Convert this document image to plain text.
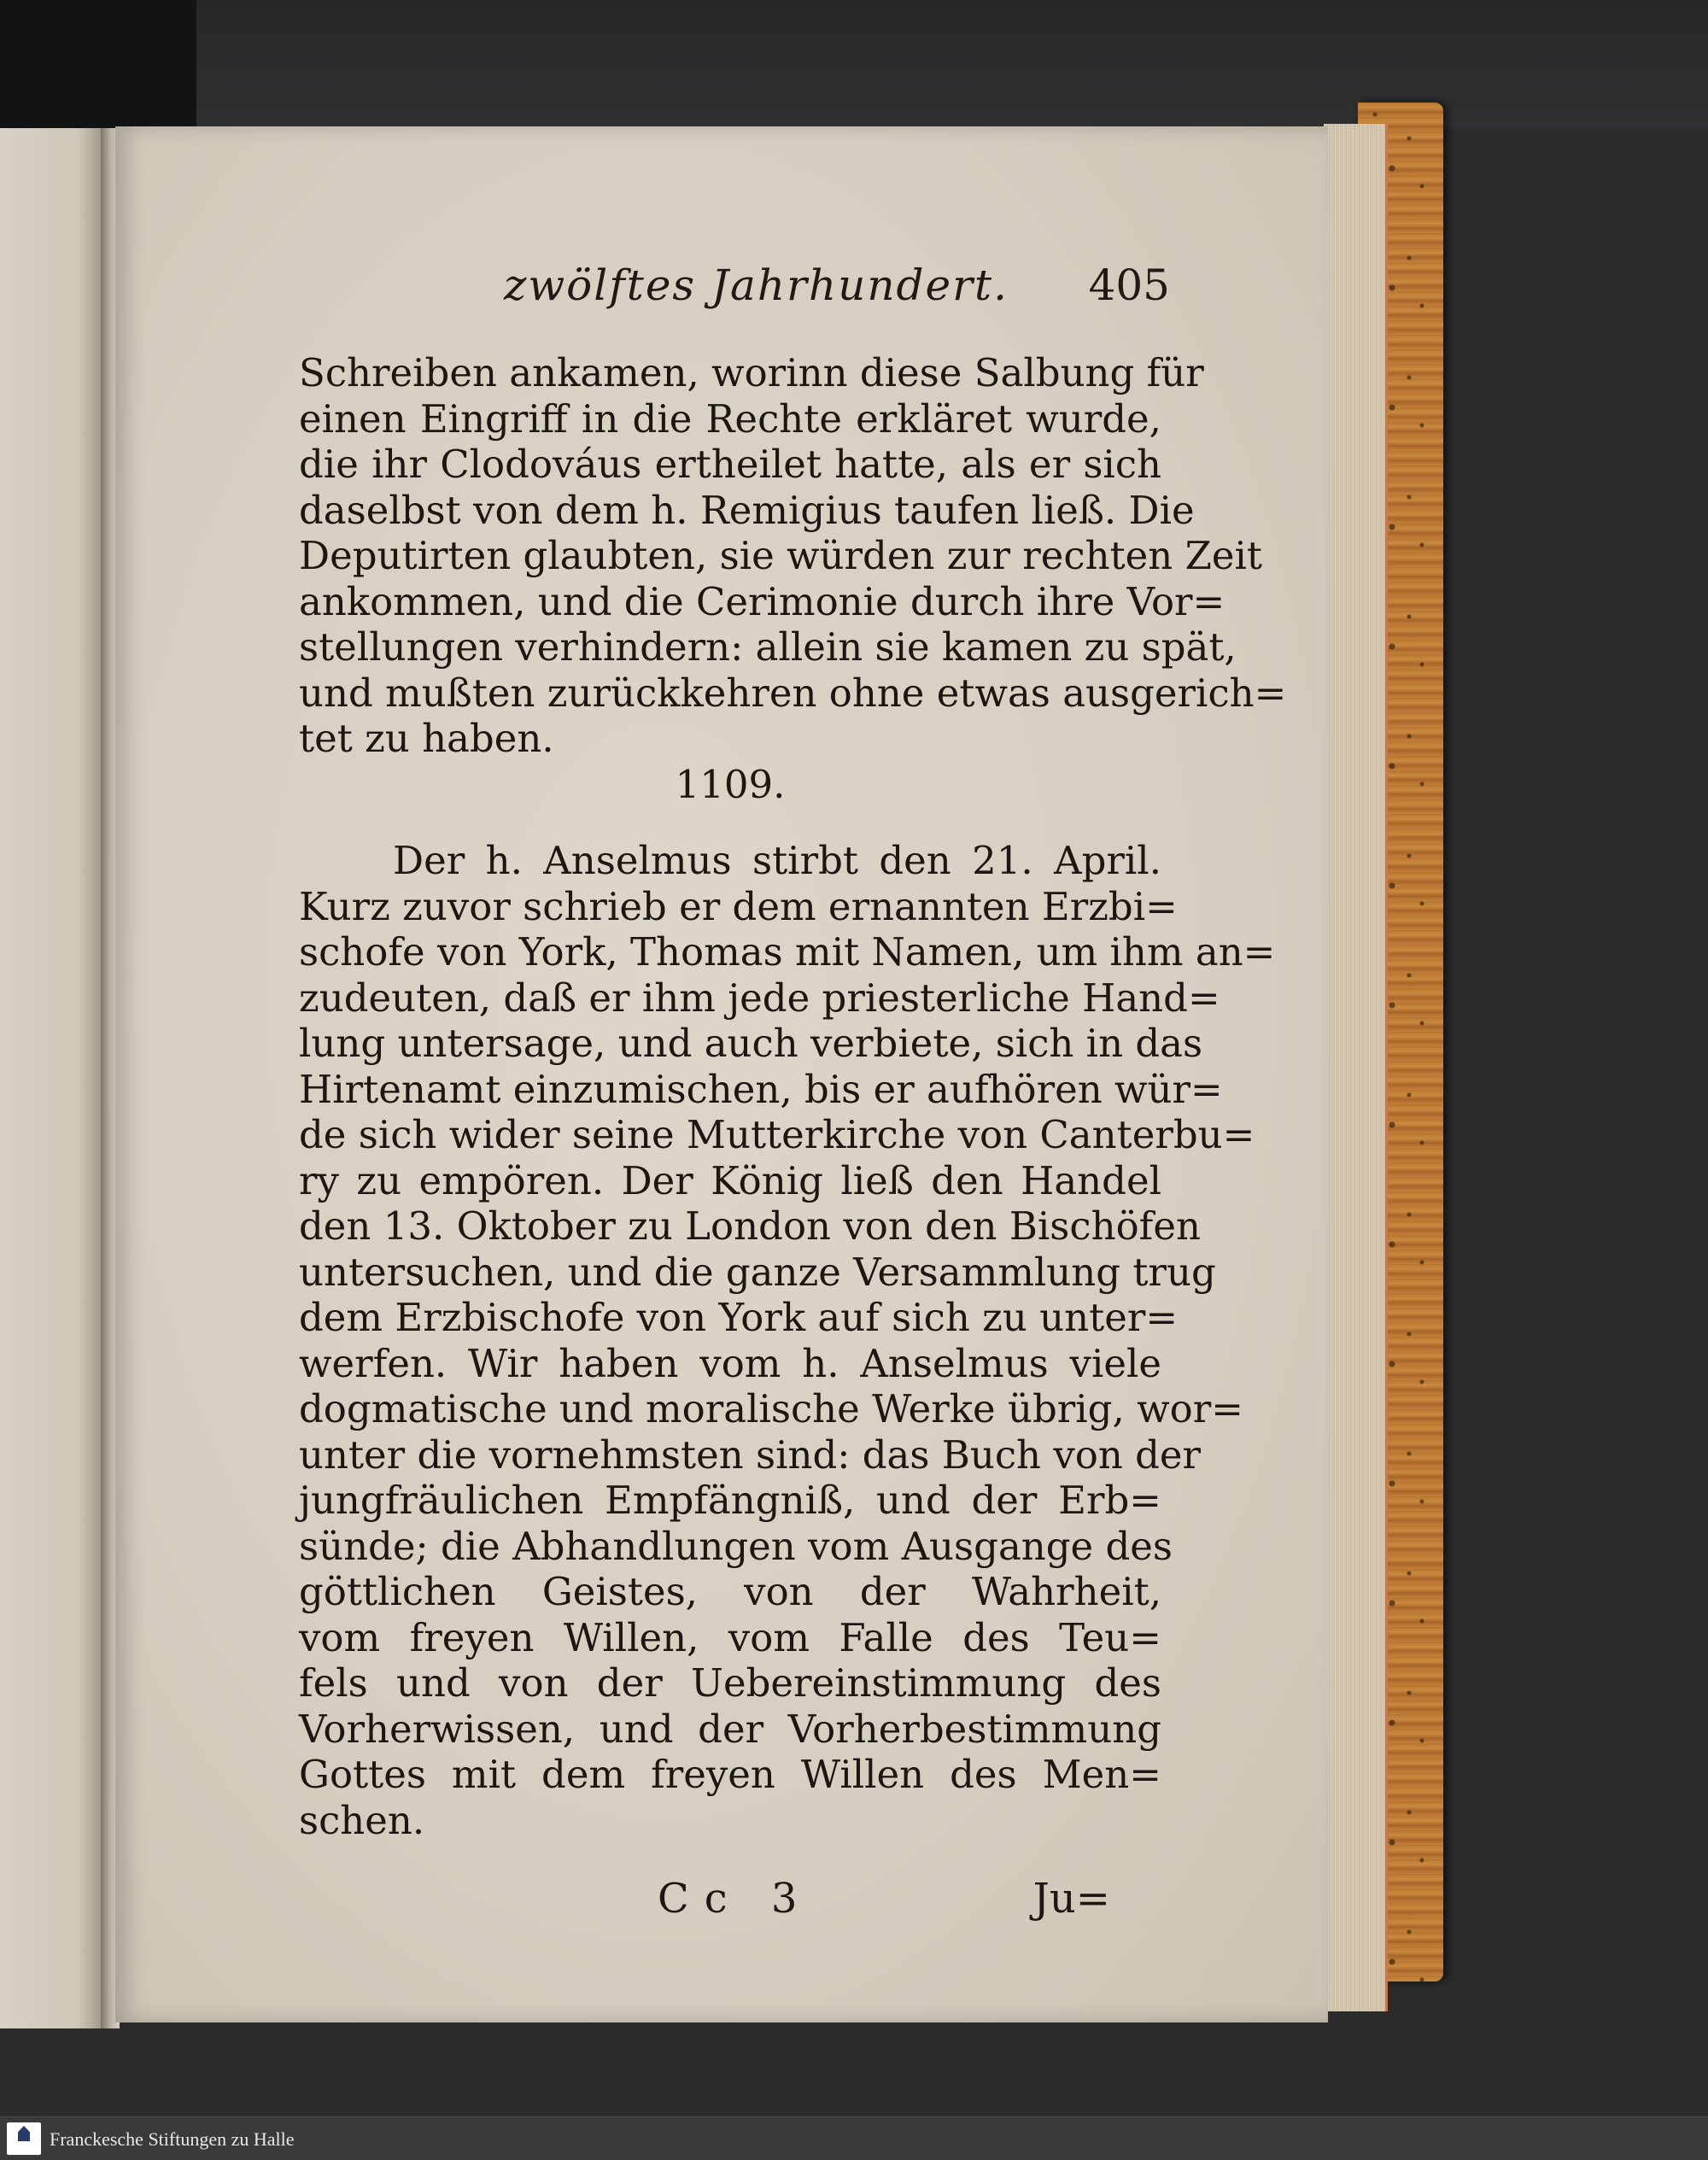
zwölftes Jahrhundert. 405
Schreiben ankamen, worinn diese Salbung für
einen Eingriff in die Rechte erkläret wurde,
die ihr Clodováus ertheilet hatte, als er sich
daselbst von dem h. Remigius taufen ließ. Die
Deputirten glaubten, sie würden zur rechten Zeit
ankommen, und die Cerimonie durch ihre Vor=
stellungen verhindern: allein sie kamen zu spät,
und mußten zurückkehren ohne etwas ausgerich=
tet zu haben.
1109.
Der h. Anselmus stirbt den 21. April.
Kurz zuvor schrieb er dem ernannten Erzbi=
schofe von York, Thomas mit Namen, um ihm an=
zudeuten, daß er ihm jede priesterliche Hand=
lung untersage, und auch verbiete, sich in das
Hirtenamt einzumischen, bis er aufhören wür=
de sich wider seine Mutterkirche von Canterbu=
ry zu empören. Der König ließ den Handel
den 13. Oktober zu London von den Bischöfen
untersuchen, und die ganze Versammlung trug
dem Erzbischofe von York auf sich zu unter=
werfen. Wir haben vom h. Anselmus viele
dogmatische und moralische Werke übrig, wor=
unter die vornehmsten sind: das Buch von der
jungfräulichen Empfängniß, und der Erb=
sünde; die Abhandlungen vom Ausgange des
göttlichen Geistes, von der Wahrheit,
vom freyen Willen, vom Falle des Teu=
fels und von der Uebereinstimmung des
Vorherwissen, und der Vorherbestimmung
Gottes mit dem freyen Willen des Men=
schen.
Cc 3	Ju=
Franckesche Stiftungen zu Halle
